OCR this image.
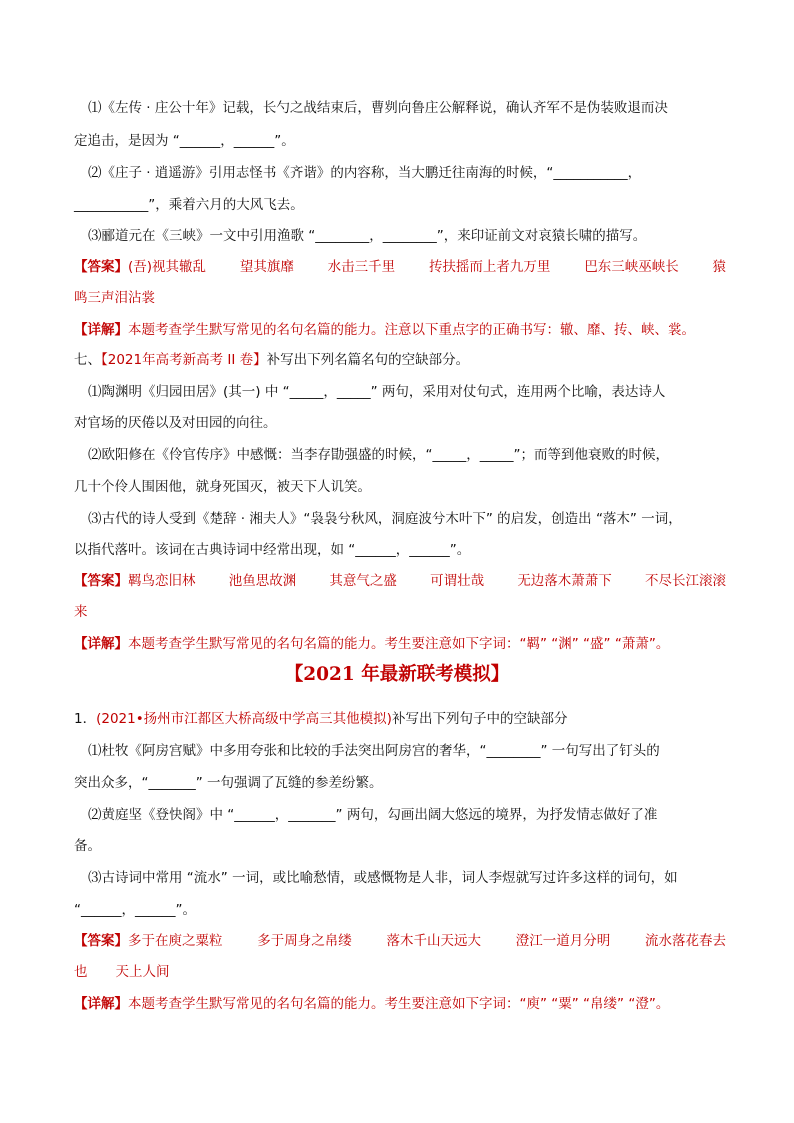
⑴《左传 · 庄公十年》记载，长勺之战结束后，曹刿向鲁庄公解释说，确认齐军不是伪装败退而决
定追击，是因为 “______，______”。
⑵《庄子 · 逍遥游》引用志怪书《齐谐》的内容称，当大鹏迁往南海的时候，“___________，
___________”，乘着六月的大风飞去。
⑶郦道元在《三峡》一文中引用渔歌 “________，________”，来印证前文对哀猿长啸的描写。
【答案】 (吾)视其辙乱	望其旗靡	水击三千里	抟扶摇而上者九万里	巴东三峡巫峡长	猿
鸣三声泪沾裳
【详解】本题考查学生默写常见的名句名篇的能力。注意以下重点字的正确书写：辙、靡、抟、峡、裳。
七、【2021年高考新高考 II 卷】补写出下列名篇名句的空缺部分。
⑴陶渊明《归园田居》(其一) 中 “_____，_____” 两句，采用对仗句式，连用两个比喻，表达诗人
对官场的厌倦以及对田园的向往。
⑵欧阳修在《伶官传序》中感慨：当李存勖强盛的时候，“_____，_____”；而等到他衰败的时候，
几十个伶人围困他，就身死国灭，被天下人讥笑。
⑶古代的诗人受到《楚辞 · 湘夫人》“袅袅兮秋风，洞庭波兮木叶下” 的启发，创造出 “落木” 一词，
以指代落叶。该词在古典诗词中经常出现，如 “______，______”。
【答案】 羁鸟恋旧林 池鱼思故渊 其意气之盛 可谓壮哉 无边落木萧萧下 不尽长江滚滚
来
【详解】本题考查学生默写常见的名句名篇的能力。考生要注意如下字词：“羁” “渊” “盛” “萧萧”。
【2021 年最新联考模拟】
1．(2021•扬州市江都区大桥高级中学高三其他模拟)补写出下列句子中的空缺部分
⑴杜牧《阿房宫赋》中多用夸张和比较的手法突出阿房宫的奢华，“________” 一句写出了钉头的
突出众多，“_______” 一句强调了瓦缝的参差纷繁。
⑵黄庭坚《登快阁》中 “______，_______” 两句，勾画出阔大悠远的境界，为抒发情志做好了准
备。
⑶古诗词中常用 “流水” 一词，或比喻愁情，或感慨物是人非，词人李煜就写过许多这样的词句，如
“______，______”。
【答案】 多于在庾之粟粒	多于周身之帛缕	落木千山天远大	澄江一道月分明	流水落花春去
也 天上人间
【详解】本题考查学生默写常见的名句名篇的能力。考生要注意如下字词：“庾” “粟” “帛缕” “澄”。
